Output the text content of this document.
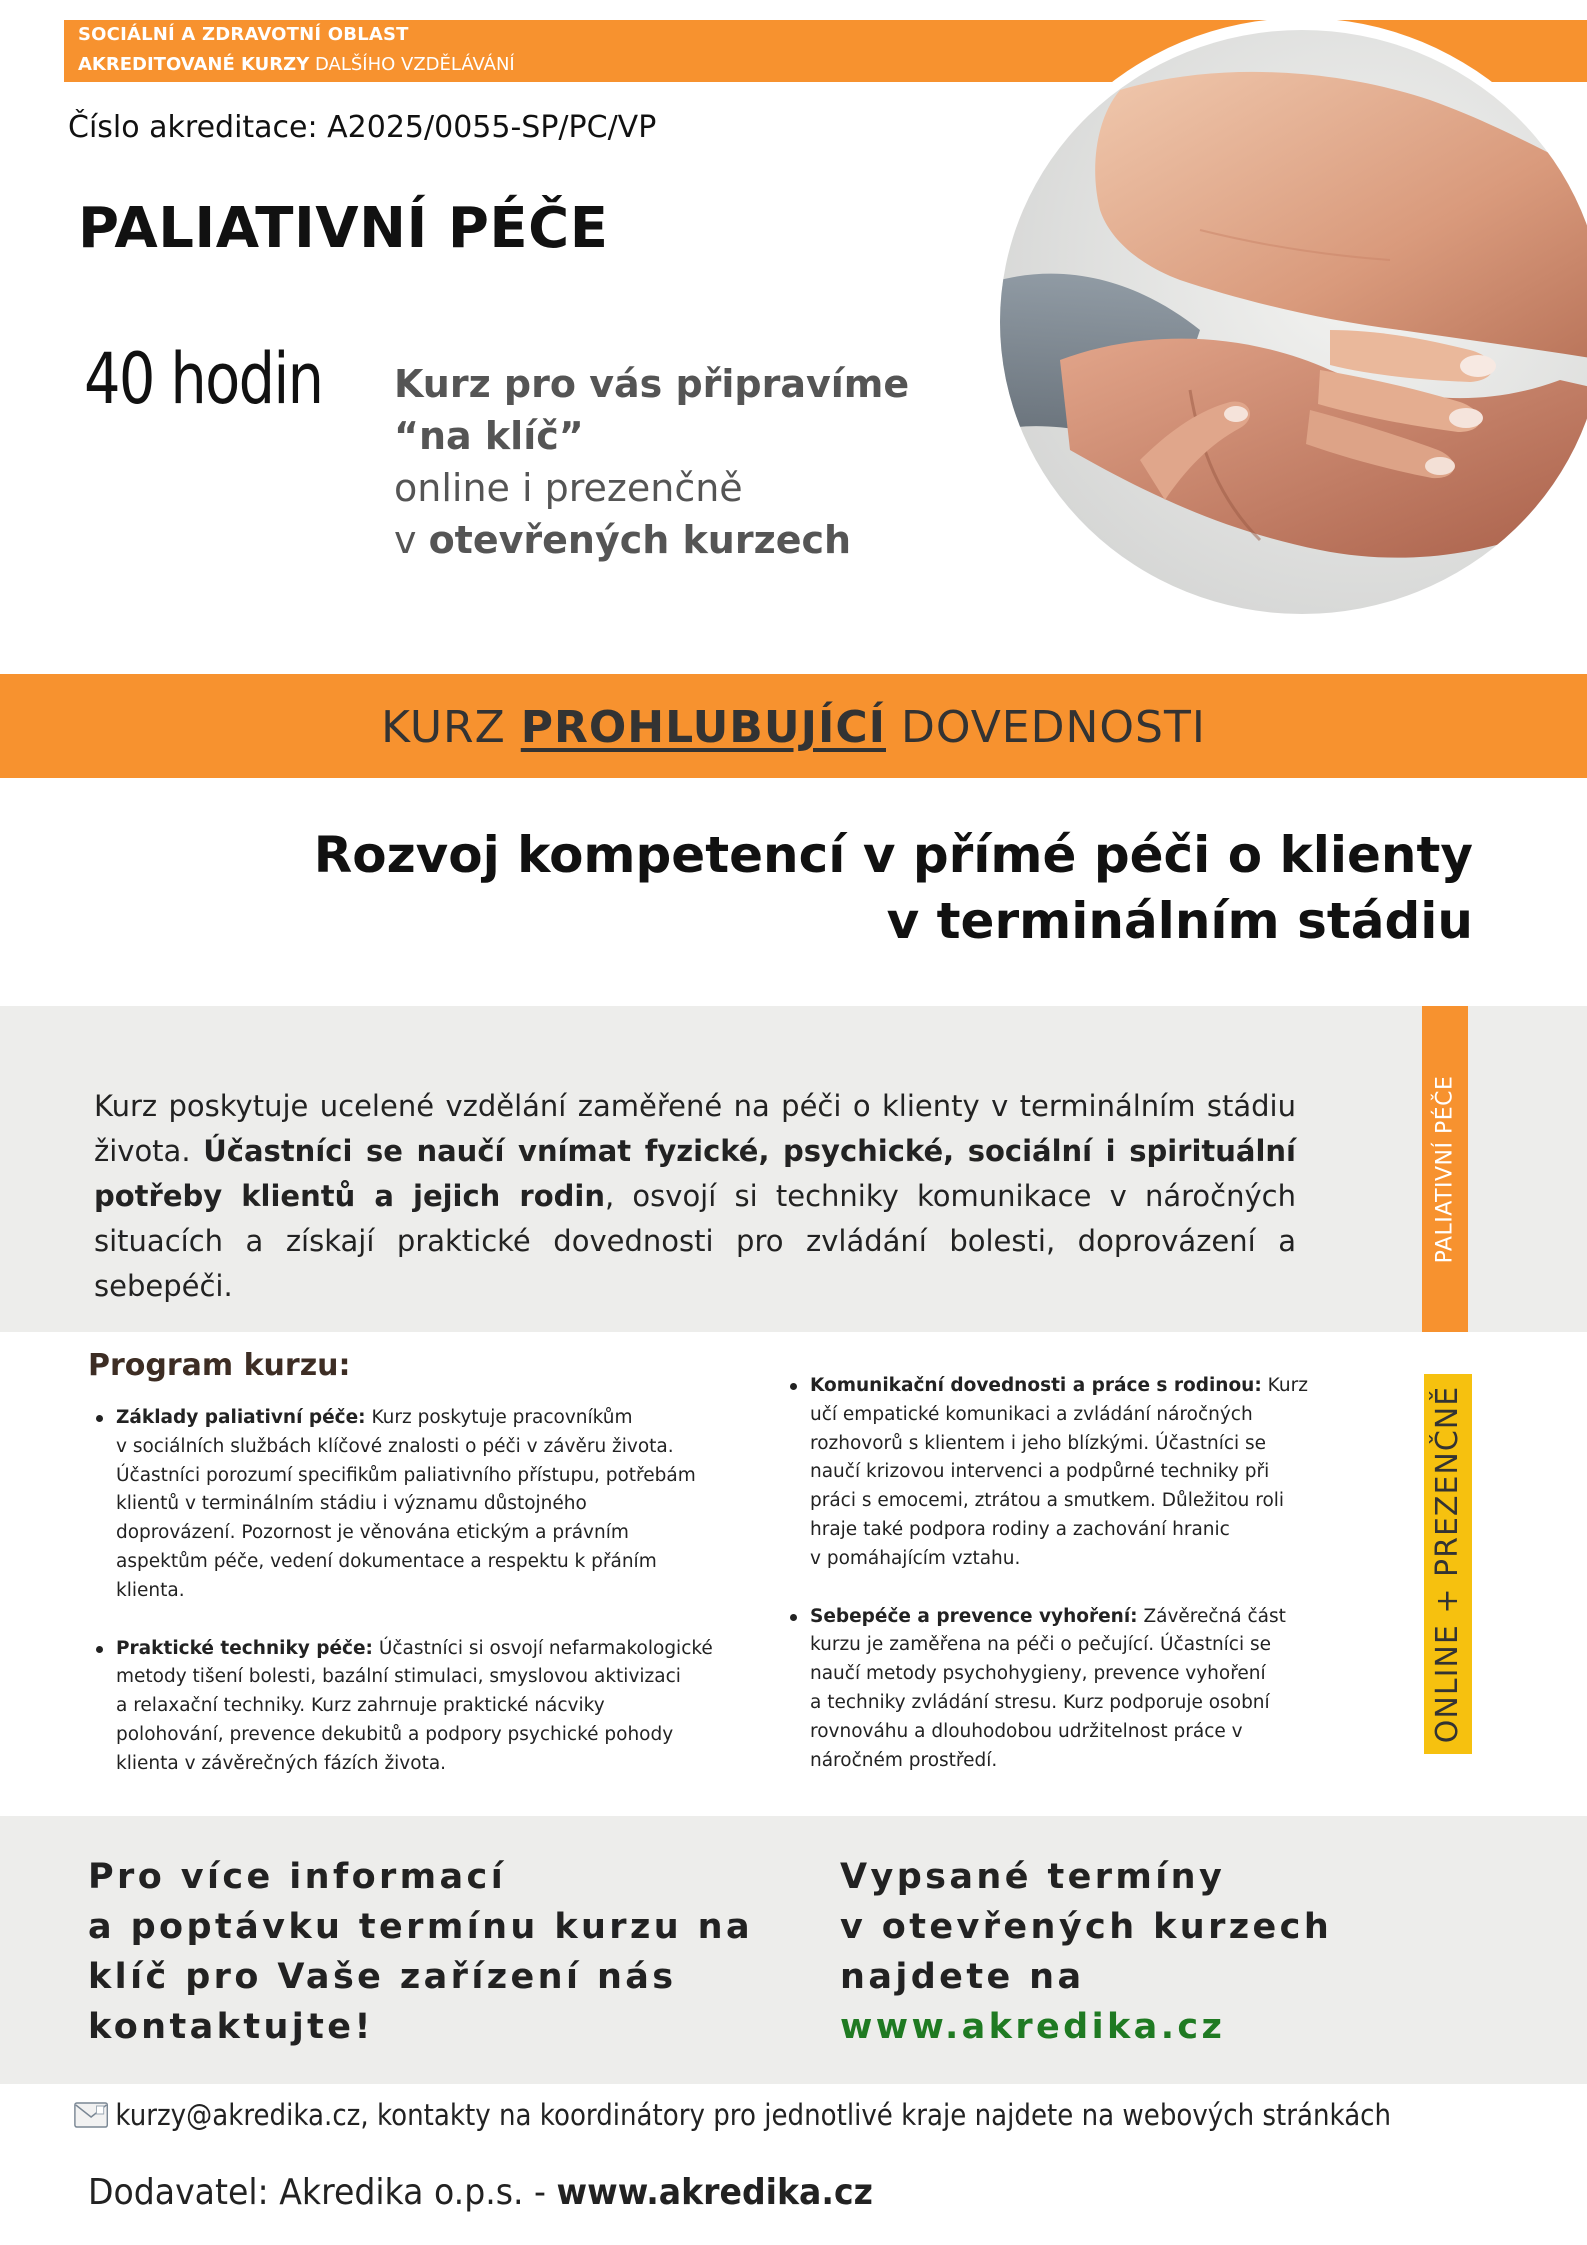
SOCIÁLNÍ A ZDRAVOTNÍ OBLAST
AKREDITOVANÉ KURZY DALŠÍHO VZDĚLÁVÁNÍ
Číslo akreditace: A2025/0055-SP/PC/VP
PALIATIVNÍ PÉČE
40 hodin Kurz pro vás připravíme
“na klíč”
online i prezenčně
v otevřených kurzech
KURZ PROHLUBUJÍCÍ DOVEDNOSTI
Rozvoj kompetencí v přímé péči o klienty
v terminálním stádiu
Kurz poskytuje ucelené vzdělání zaměřené na péči o klienty v terminálním stádiu života. Účastníci se naučí vnímat fyzické, psychické, sociální i spirituální potřeby klientů a jejich rodin, osvojí si techniky komunikace v náročných situacích a získají praktické dovednosti pro zvládání bolesti, doprovázení a sebepéči.
PALIATIVNÍ PÉČE
ONLINE + PREZENČNĚ
Program kurzu:
Základy paliativní péče: Kurz poskytuje pracovníkům
v sociálních službách klíčové znalosti o péči v závěru života.
Účastníci porozumí specifikům paliativního přístupu, potřebám
klientů v terminálním stádiu i významu důstojného
doprovázení. Pozornost je věnována etickým a právním
aspektům péče, vedení dokumentace a respektu k přáním
klienta.
Praktické techniky péče: Účastníci si osvojí nefarmakologické
metody tišení bolesti, bazální stimulaci, smyslovou aktivizaci
a relaxační techniky. Kurz zahrnuje praktické nácviky
polohování, prevence dekubitů a podpory psychické pohody
klienta v závěrečných fázích života.
Komunikační dovednosti a práce s rodinou: Kurz
učí empatické komunikaci a zvládání náročných
rozhovorů s klientem i jeho blízkými. Účastníci se
naučí krizovou intervenci a podpůrné techniky při
práci s emocemi, ztrátou a smutkem. Důležitou roli
hraje také podpora rodiny a zachování hranic
v pomáhajícím vztahu.
Sebepéče a prevence vyhoření: Závěrečná část
kurzu je zaměřena na péči o pečující. Účastníci se
naučí metody psychohygieny, prevence vyhoření
a techniky zvládání stresu. Kurz podporuje osobní
rovnováhu a dlouhodobou udržitelnost práce v
náročném prostředí.
Pro více informací
a poptávku termínu kurzu na
klíč pro Vaše zařízení nás
kontaktujte!
Vypsané termíny
v otevřených kurzech
najdete na
www.akredika.cz
kurzy@akredika.cz, kontakty na koordinátory pro jednotlivé kraje najdete na webových stránkách
Dodavatel: Akredika o.p.s. - www.akredika.cz
